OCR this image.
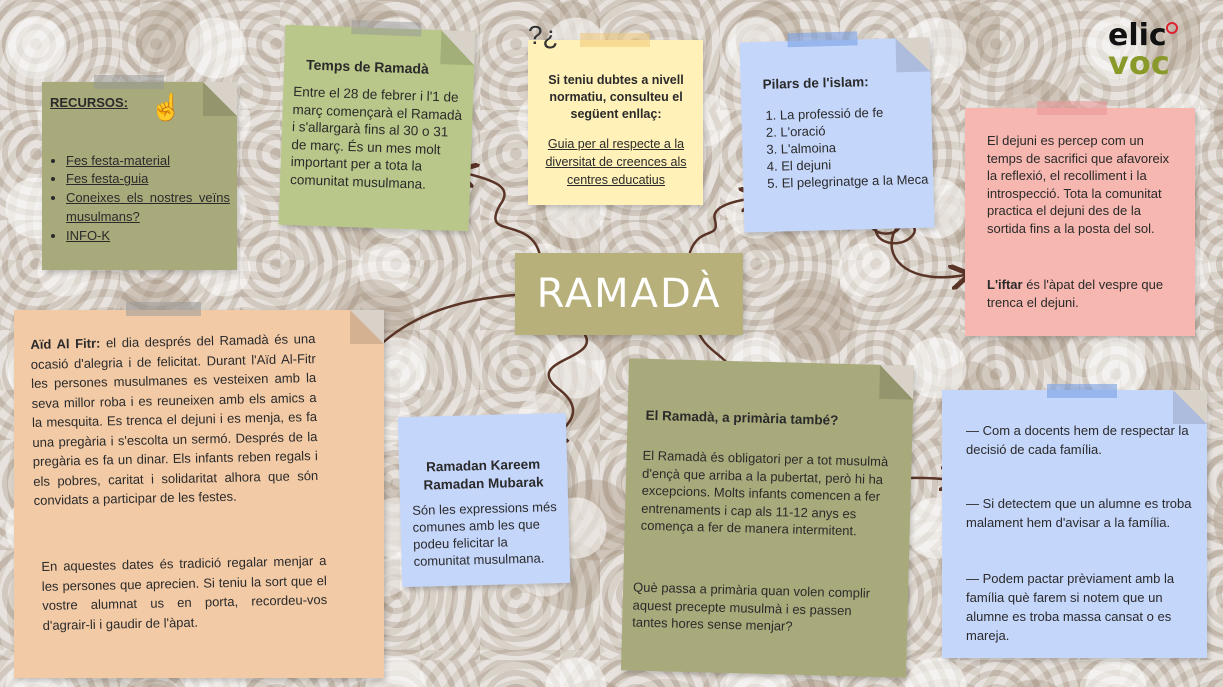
RECURSOS: ☝
• Fes festa-material
• Fes festa-guia
• Coneixes els nostres veïns musulmans?
• INFO-K
Temps de Ramadà
Entre el 28 de febrer i l'1 de març començarà el Ramadà i s'allargarà fins al 30 o 31 de març. És un mes molt important per a tota la comunitat musulmana.
?¿
Si teniu dubtes a nivell normatiu, consulteu el següent enllaç:
Guia per al respecte a la diversitat de creences als centres educatius
Pilars de l'islam:
1. La professió de fe
2. L'oració
3. L'almoina
4. El dejuni
5. El pelegrinatge a la Meca
elic
voc
El dejuni es percep com un temps de sacrifici que afavoreix la reflexió, el recolliment i la introspecció. Tota la comunitat practica el dejuni des de la sortida fins a la posta del sol.
L'iftar és l'àpat del vespre que trenca el dejuni.
RAMADÀ
Aïd Al Fitr: el dia després del Ramadà és una ocasió d'alegria i de felicitat. Durant l'Aïd Al-Fitr les persones musulmanes es vesteixen amb la seva millor roba i es reuneixen amb els amics a la mesquita. Es trenca el dejuni i es menja, es fa una pregària i s'escolta un sermó. Després de la pregària es fa un dinar. Els infants reben regals i els pobres, caritat i solidaritat alhora que són convidats a participar de les festes.
En aquestes dates és tradició regalar menjar a les persones que aprecien. Si teniu la sort que el vostre alumnat us en porta, recordeu-vos d'agrair-li i gaudir de l'àpat.
Ramadan Kareem
Ramadan Mubarak
Són les expressions més comunes amb les que podeu felicitar la comunitat musulmana.
El Ramadà, a primària també?
El Ramadà és obligatori per a tot musulmà d'ençà que arriba a la pubertat, però hi ha excepcions. Molts infants comencen a fer entrenaments i cap als 11-12 anys es comença a fer de manera intermitent.
Què passa a primària quan volen complir aquest precepte musulmà i es passen tantes hores sense menjar?
— Com a docents hem de respectar la decisió de cada família.
— Si detectem que un alumne es troba malament hem d'avisar a la família.
— Podem pactar prèviament amb la família què farem si notem que un alumne es troba massa cansat o es mareja.
